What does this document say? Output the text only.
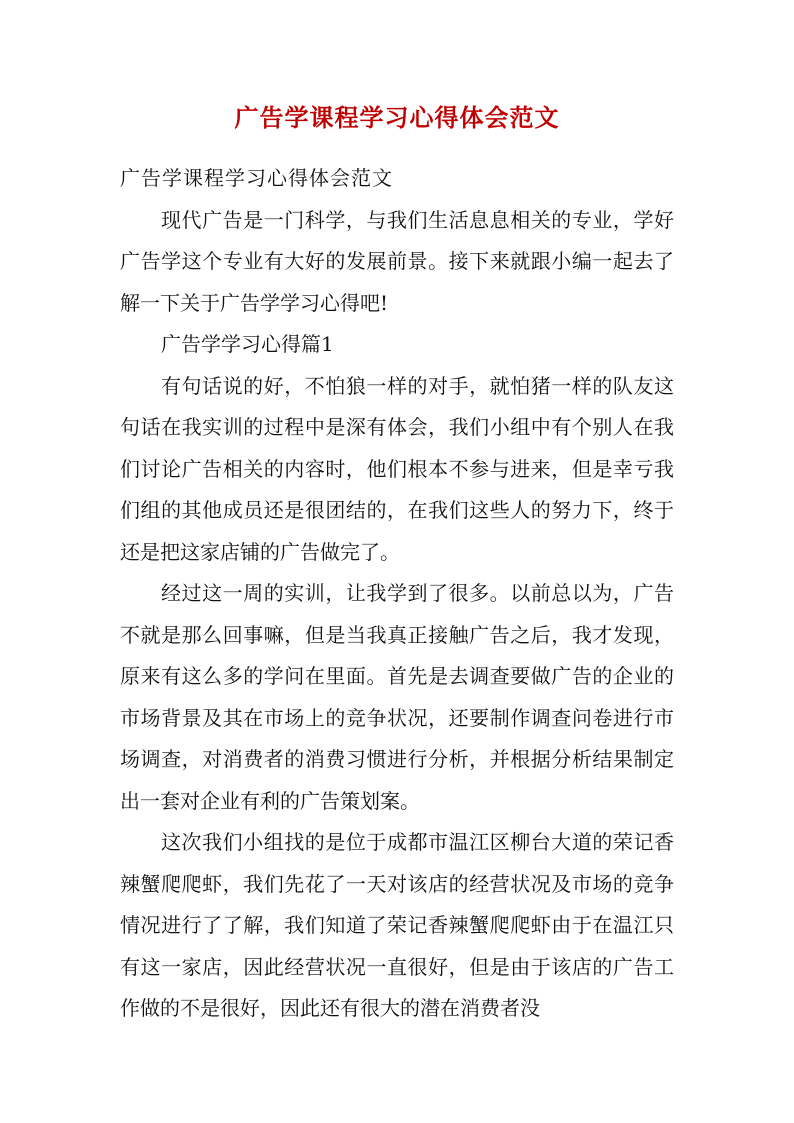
广告学课程学习心得体会范文

广告学课程学习心得体会范文

现代广告是一门科学，与我们生活息息相关的专业，学好广告学这个专业有大好的发展前景。接下来就跟小编一起去了解一下关于广告学学习心得吧!

广告学学习心得篇1

有句话说的好，不怕狼一样的对手，就怕猪一样的队友这句话在我实训的过程中是深有体会，我们小组中有个别人在我们讨论广告相关的内容时，他们根本不参与进来，但是幸亏我们组的其他成员还是很团结的，在我们这些人的努力下，终于还是把这家店铺的广告做完了。

经过这一周的实训，让我学到了很多。以前总以为，广告不就是那么回事嘛，但是当我真正接触广告之后，我才发现，原来有这么多的学问在里面。首先是去调查要做广告的企业的市场背景及其在市场上的竞争状况，还要制作调查问卷进行市场调查，对消费者的消费习惯进行分析，并根据分析结果制定出一套对企业有利的广告策划案。

这次我们小组找的是位于成都市温江区柳台大道的荣记香辣蟹爬爬虾，我们先花了一天对该店的经营状况及市场的竞争情况进行了了解，我们知道了荣记香辣蟹爬爬虾由于在温江只有这一家店，因此经营状况一直很好，但是由于该店的广告工作做的不是很好，因此还有很大的潜在消费者没
